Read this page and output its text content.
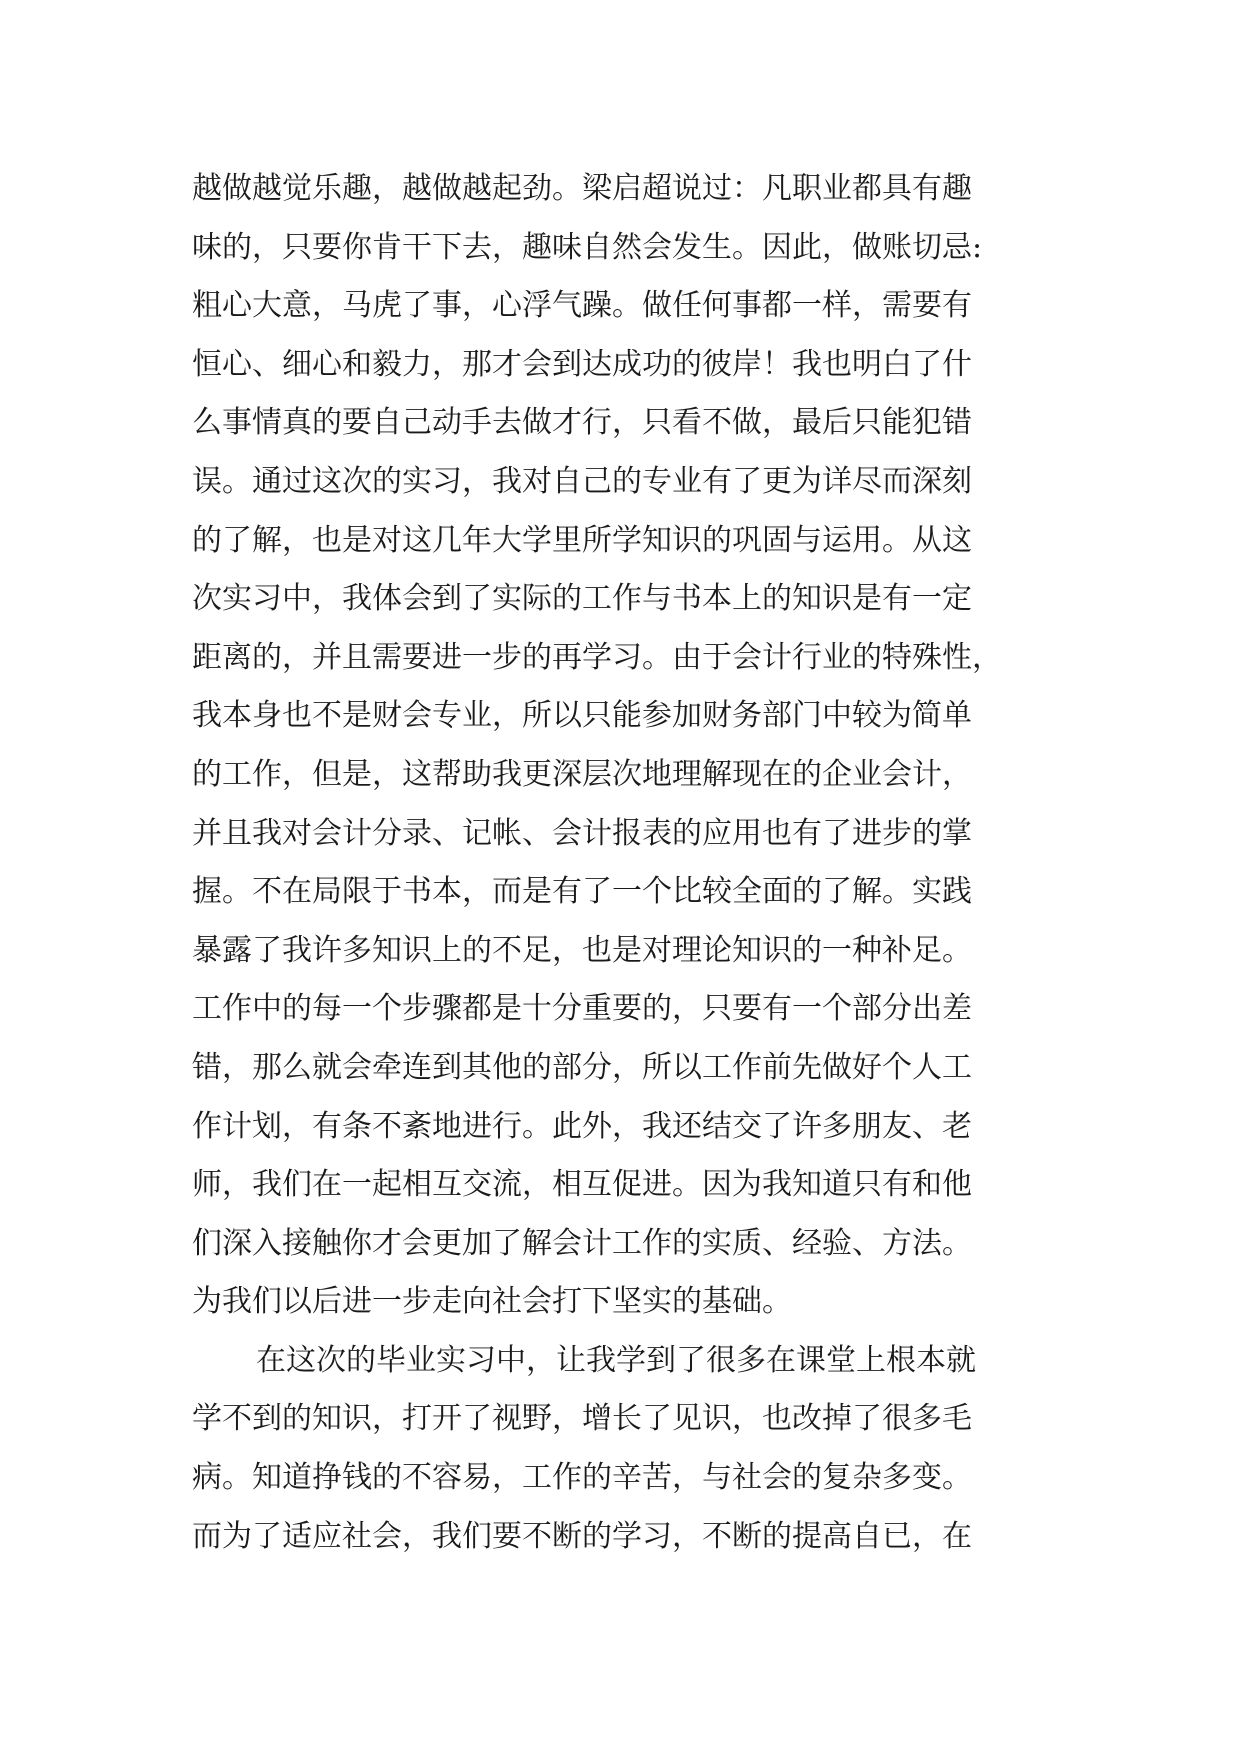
越做越觉乐趣，越做越起劲。梁启超说过：凡职业都具有趣
味的，只要你肯干下去，趣味自然会发生。因此，做账切忌:
粗心大意，马虎了事，心浮气躁。做任何事都一样，需要有
恒心、细心和毅力，那才会到达成功的彼岸！我也明白了什
么事情真的要自己动手去做才行，只看不做，最后只能犯错
误。通过这次的实习，我对自己的专业有了更为详尽而深刻
的了解，也是对这几年大学里所学知识的巩固与运用。从这
次实习中，我体会到了实际的工作与书本上的知识是有一定
距离的，并且需要进一步的再学习。由于会计行业的特殊性，
我本身也不是财会专业，所以只能参加财务部门中较为简单
的工作，但是，这帮助我更深层次地理解现在的企业会计，
并且我对会计分录、记帐、会计报表的应用也有了进步的掌
握。不在局限于书本，而是有了一个比较全面的了解。实践
暴露了我许多知识上的不足，也是对理论知识的一种补足。
工作中的每一个步骤都是十分重要的，只要有一个部分出差
错，那么就会牵连到其他的部分，所以工作前先做好个人工
作计划，有条不紊地进行。此外，我还结交了许多朋友、老
师，我们在一起相互交流，相互促进。因为我知道只有和他
们深入接触你才会更加了解会计工作的实质、经验、方法。
为我们以后进一步走向社会打下坚实的基础。
在这次的毕业实习中，让我学到了很多在课堂上根本就
学不到的知识，打开了视野，增长了见识，也改掉了很多毛
病。知道挣钱的不容易，工作的辛苦，与社会的复杂多变。
而为了适应社会，我们要不断的学习，不断的提高自已，在
